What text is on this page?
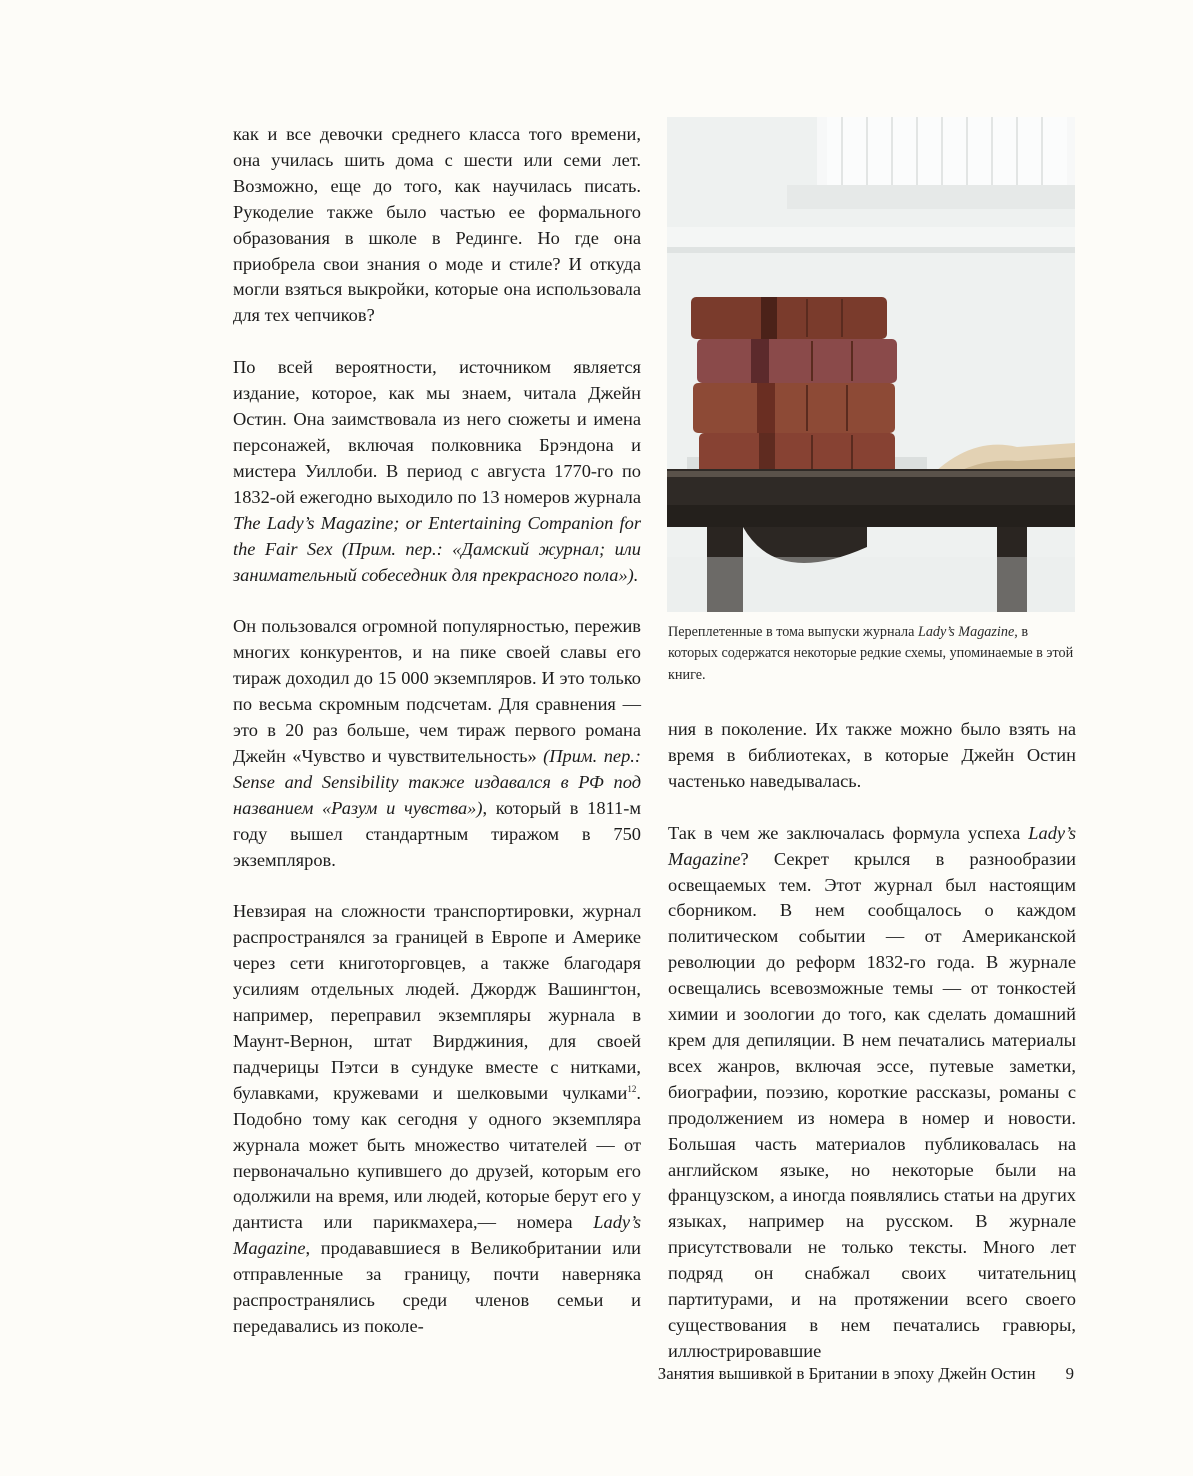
как и все девочки среднего класса того времени, она училась шить дома с шести или семи лет. Возможно, еще до того, как научилась писать. Рукоделие также было частью ее формального образования в школе в Рединге. Но где она приобрела свои знания о моде и стиле? И откуда могли взяться выкройки, которые она использовала для тех чепчиков?

По всей вероятности, источником является издание, которое, как мы знаем, читала Джейн Остин. Она заимствовала из него сюжеты и имена персонажей, включая полковника Брэндона и мистера Уиллоби. В период с августа 1770-го по 1832-ой ежегодно выходило по 13 номеров журнала The Lady’s Magazine; or Entertaining Companion for the Fair Sex (Прим. пер.: «Дамский журнал; или занимательный собеседник для прекрасного пола»).

Он пользовался огромной популярностью, пережив многих конкурентов, и на пике своей славы его тираж доходил до 15 000 экземпляров. И это только по весьма скромным подсчетам. Для сравнения — это в 20 раз больше, чем тираж первого романа Джейн «Чувство и чувствительность» (Прим. пер.: Sense and Sensibility также издавался в РФ под названием «Разум и чувства»), который в 1811-м году вышел стандартным тиражом в 750 экземпляров.

Невзирая на сложности транспортировки, журнал распространялся за границей в Европе и Америке через сети книготорговцев, а также благодаря усилиям отдельных людей. Джордж Вашингтон, например, переправил экземпляры журнала в Маунт-Вернон, штат Вирджиния, для своей падчерицы Пэтси в сундуке вместе с нитками, булавками, кружевами и шелковыми чулками$^{12}$. Подобно тому как сегодня у одного экземпляра журнала может быть множество читателей — от первоначально купившего до друзей, которым его одолжили на время, или людей, которые берут его у дантиста или парикмахера,— номера Lady’s Magazine, продававшиеся в Великобритании или отправленные за границу, почти наверняка распространялись среди членов семьи и передавались из поколе-

Переплетенные в тома выпуски журнала Lady’s Magazine, в которых содержатся некоторые редкие схемы, упоминаемые в этой книге.

ния в поколение. Их также можно было взять на время в библиотеках, в которые Джейн Остин частенько наведывалась.

Так в чем же заключалась формула успеха Lady’s Magazine? Секрет крылся в разнообразии освещаемых тем. Этот журнал был настоящим сборником. В нем сообщалось о каждом политическом событии — от Американской революции до реформ 1832-го года. В журнале освещались всевозможные темы — от тонкостей химии и зоологии до того, как сделать домашний крем для депиляции. В нем печатались материалы всех жанров, включая эссе, путевые заметки, биографии, поэзию, короткие рассказы, романы с продолжением из номера в номер и новости. Большая часть материалов публиковалась на английском языке, но некоторые были на французском, а иногда появлялись статьи на других языках, например на русском. В журнале присутствовали не только тексты. Много лет подряд он снабжал своих читательниц партитурами, и на протяжении всего своего существования в нем печатались гравюры, иллюстрировавшие

Занятия вышивкой в Британии в эпоху Джейн Остин 9
